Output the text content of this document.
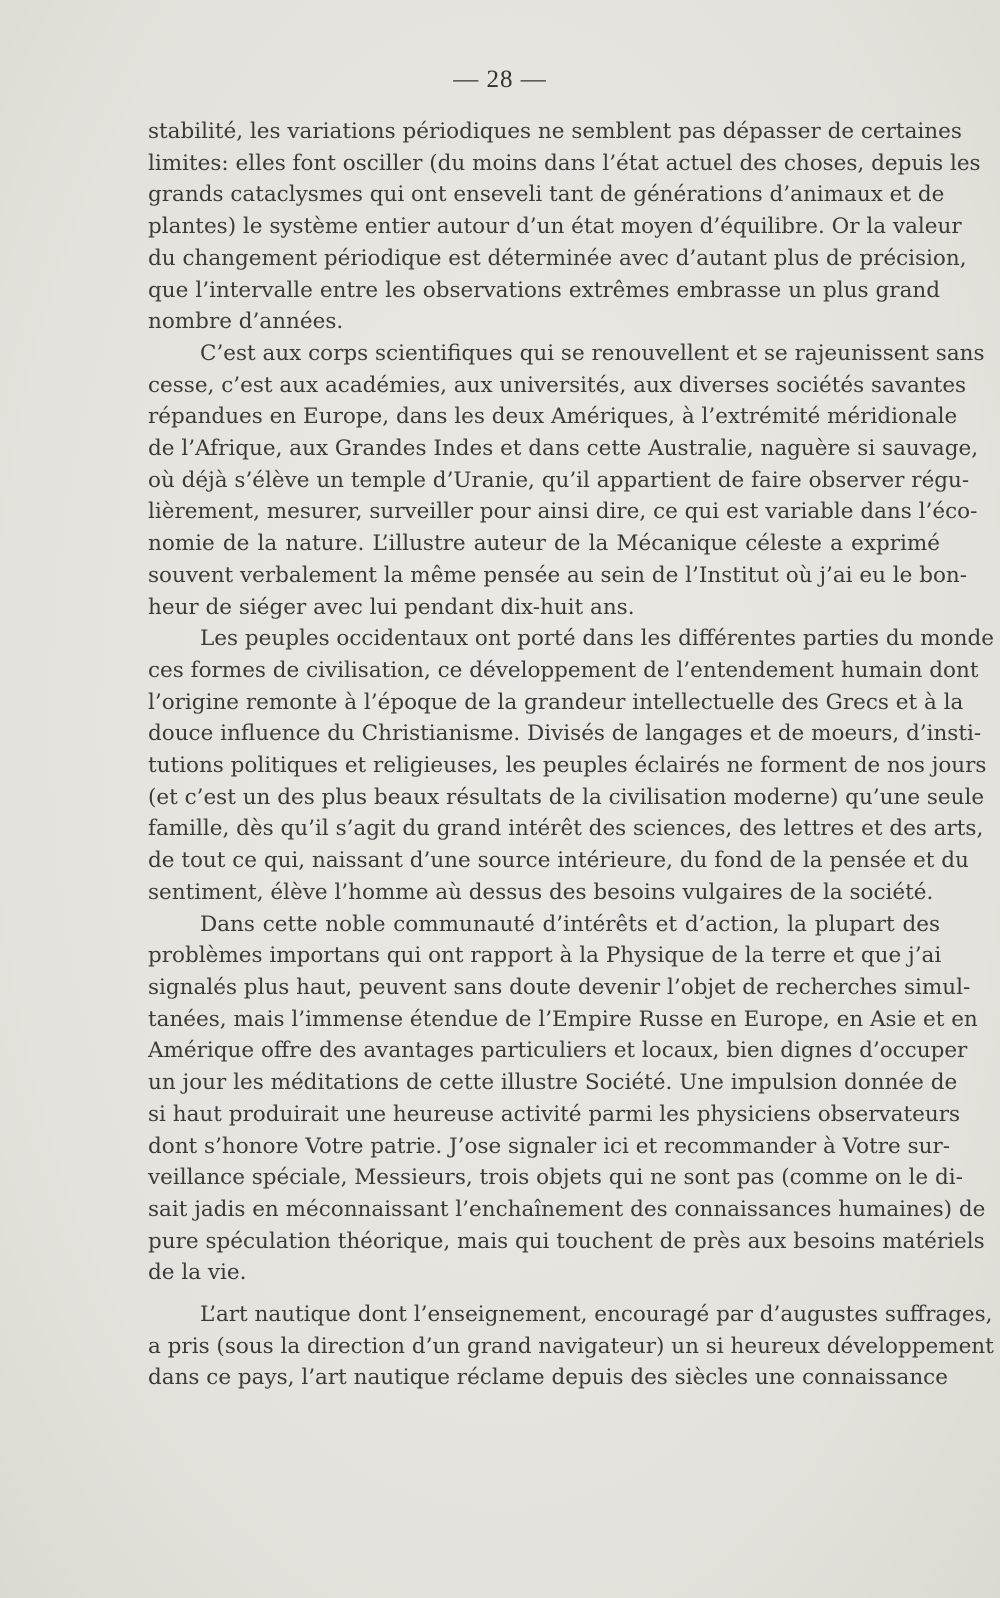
— 28 —

stabilité, les variations périodiques ne semblent pas dépasser de certaines
limites: elles font osciller (du moins dans l’état actuel des choses, depuis les
grands cataclysmes qui ont enseveli tant de générations d’animaux et de
plantes) le système entier autour d’un état moyen d’équilibre. Or la valeur
du changement périodique est déterminée avec d’autant plus de précision,
que l’intervalle entre les observations extrêmes embrasse un plus grand
nombre d’années.

C’est aux corps scientifiques qui se renouvellent et se rajeunissent sans
cesse, c’est aux académies, aux universités, aux diverses sociétés savantes
répandues en Europe, dans les deux Amériques, à l’extrémité méridionale
de l’Afrique, aux Grandes Indes et dans cette Australie, naguère si sauvage,
où déjà s’élève un temple d’Uranie, qu’il appartient de faire observer régu-
lièrement, mesurer, surveiller pour ainsi dire, ce qui est variable dans l’éco-
nomie de la nature. L’illustre auteur de la Mécanique céleste a exprimé
souvent verbalement la même pensée au sein de l’Institut où j’ai eu le bon-
heur de siéger avec lui pendant dix-huit ans.

Les peuples occidentaux ont porté dans les différentes parties du monde
ces formes de civilisation, ce développement de l’entendement humain dont
l’origine remonte à l’époque de la grandeur intellectuelle des Grecs et à la
douce influence du Christianisme. Divisés de langages et de moeurs, d’insti-
tutions politiques et religieuses, les peuples éclairés ne forment de nos jours
(et c’est un des plus beaux résultats de la civilisation moderne) qu’une seule
famille, dès qu’il s’agit du grand intérêt des sciences, des lettres et des arts,
de tout ce qui, naissant d’une source intérieure, du fond de la pensée et du
sentiment, élève l’homme aù dessus des besoins vulgaires de la société.

Dans cette noble communauté d’intérêts et d’action, la plupart des
problèmes importans qui ont rapport à la Physique de la terre et que j’ai
signalés plus haut, peuvent sans doute devenir l’objet de recherches simul-
tanées, mais l’immense étendue de l’Empire Russe en Europe, en Asie et en
Amérique offre des avantages particuliers et locaux, bien dignes d’occuper
un jour les méditations de cette illustre Société. Une impulsion donnée de
si haut produirait une heureuse activité parmi les physiciens observateurs
dont s’honore Votre patrie. J’ose signaler ici et recommander à Votre sur-
veillance spéciale, Messieurs, trois objets qui ne sont pas (comme on le di-
sait jadis en méconnaissant l’enchaînement des connaissances humaines) de
pure spéculation théorique, mais qui touchent de près aux besoins matériels
de la vie.

L’art nautique dont l’enseignement, encouragé par d’augustes suffrages,
a pris (sous la direction d’un grand navigateur) un si heureux développement
dans ce pays, l’art nautique réclame depuis des siècles une connaissance
